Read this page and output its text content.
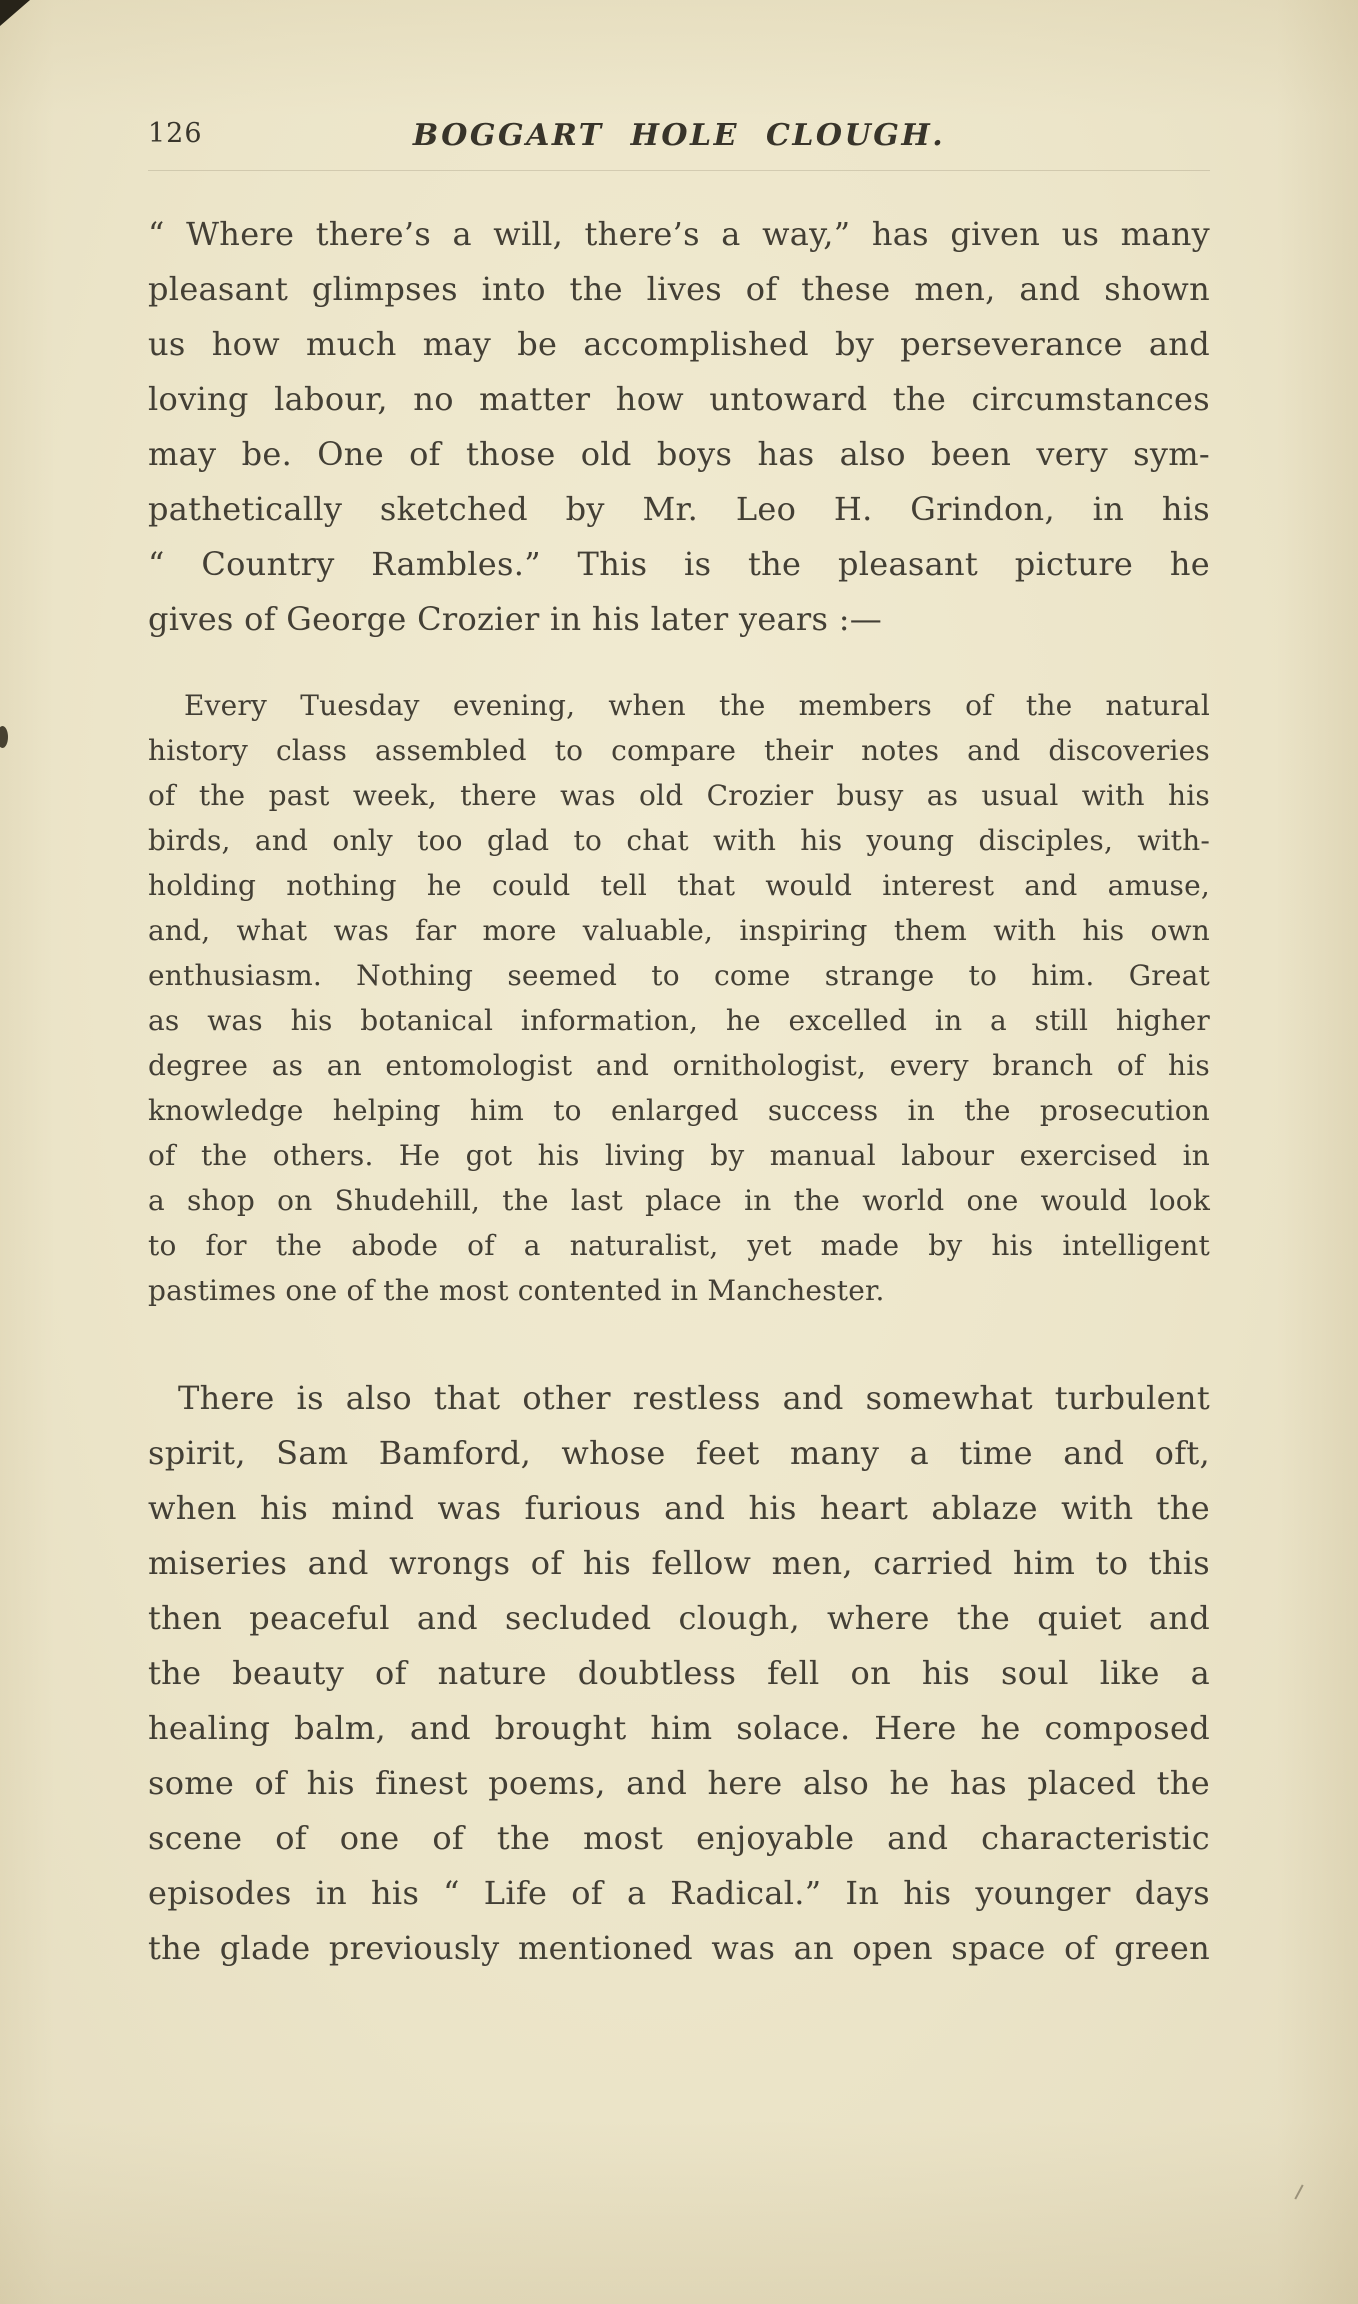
126	BOGGART HOLE CLOUGH.
“ Where there’s a will, there’s a way,” has given us many
pleasant glimpses into the lives of these men, and shown
us how much may be accomplished by perseverance and
loving labour, no matter how untoward the circumstances
may be. One of those old boys has also been very sym-
pathetically sketched by Mr. Leo H. Grindon, in his
“ Country Rambles.” This is the pleasant picture he
gives of George Crozier in his later years :—
Every Tuesday evening, when the members of the natural
history class assembled to compare their notes and discoveries
of the past week, there was old Crozier busy as usual with his
birds, and only too glad to chat with his young disciples, with-
holding nothing he could tell that would interest and amuse,
and, what was far more valuable, inspiring them with his own
enthusiasm. Nothing seemed to come strange to him. Great
as was his botanical information, he excelled in a still higher
degree as an entomologist and ornithologist, every branch of his
knowledge helping him to enlarged success in the prosecution
of the others. He got his living by manual labour exercised in
a shop on Shudehill, the last place in the world one would look
to for the abode of a naturalist, yet made by his intelligent
pastimes one of the most contented in Manchester.
There is also that other restless and somewhat turbulent
spirit, Sam Bamford, whose feet many a time and oft,
when his mind was furious and his heart ablaze with the
miseries and wrongs of his fellow men, carried him to this
then peaceful and secluded clough, where the quiet and
the beauty of nature doubtless fell on his soul like a
healing balm, and brought him solace. Here he composed
some of his finest poems, and here also he has placed the
scene of one of the most enjoyable and characteristic
episodes in his “ Life of a Radical.” In his younger days
the glade previously mentioned was an open space of green
